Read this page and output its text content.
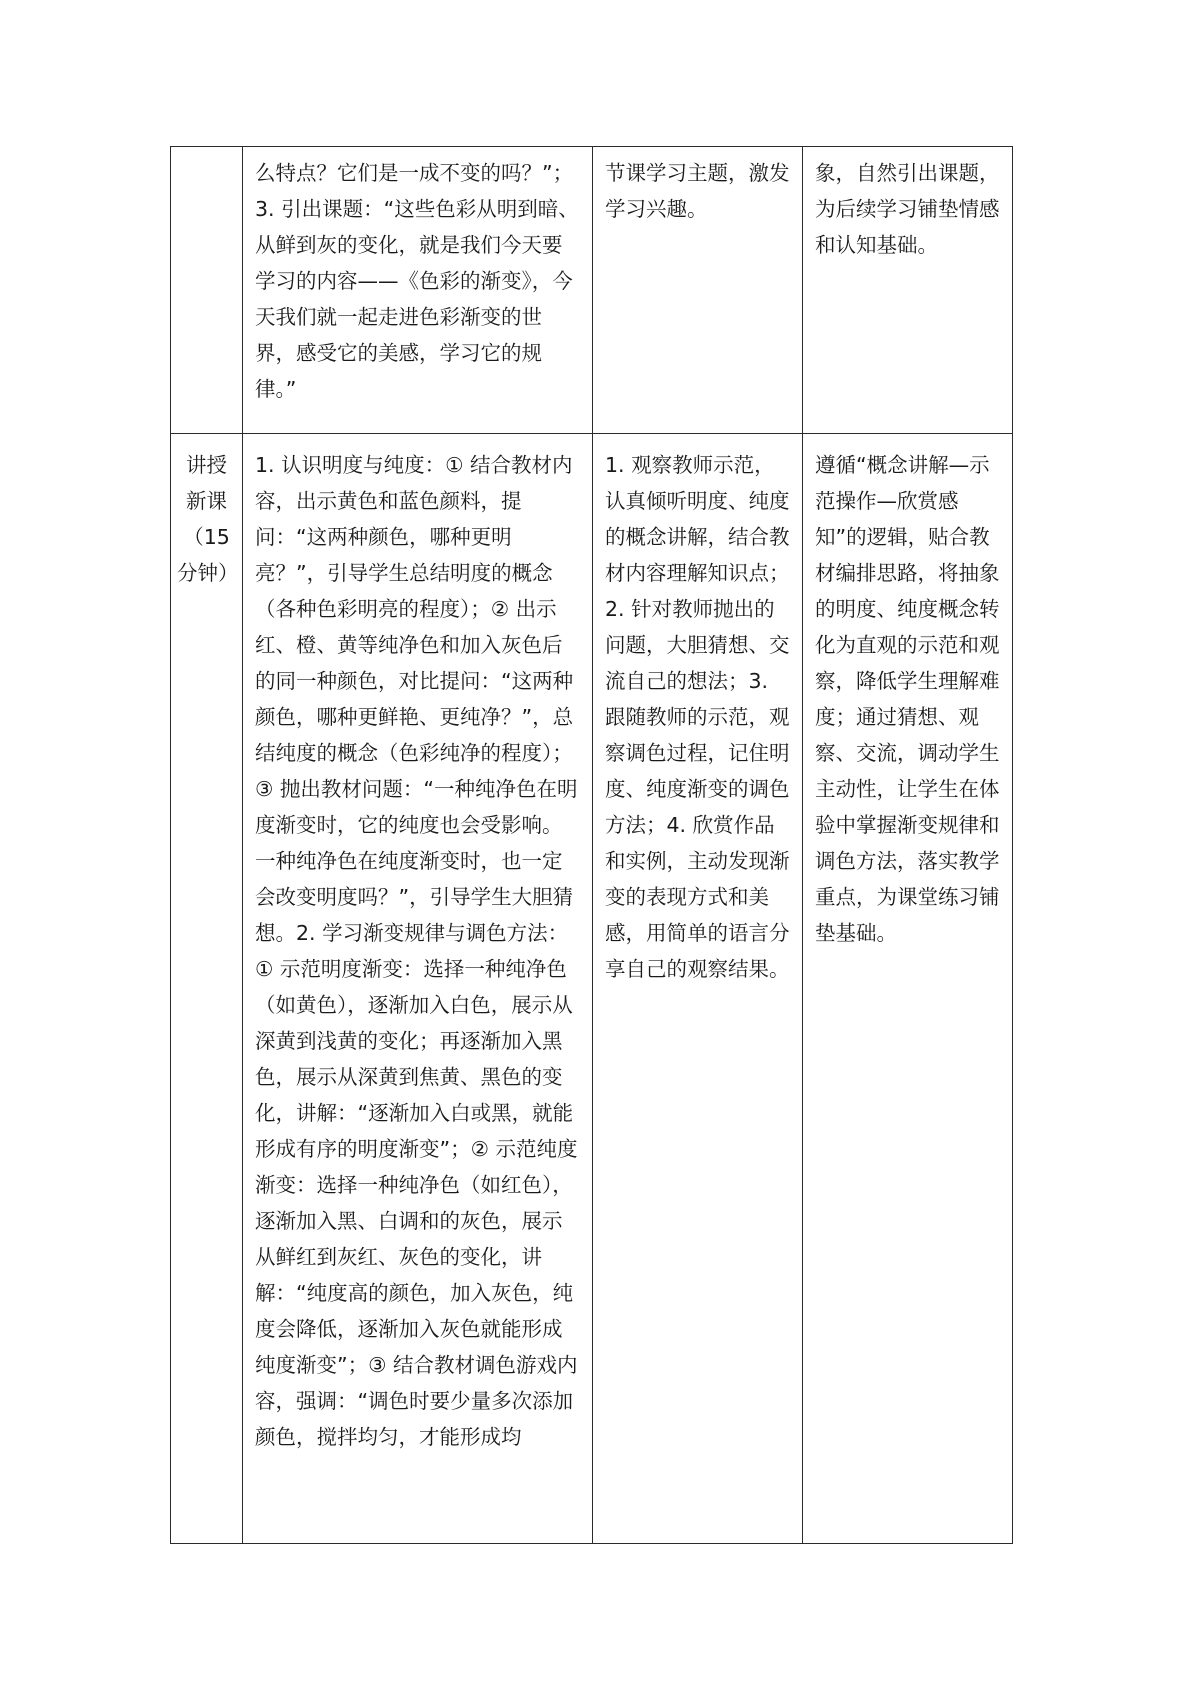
	么特点？它们是一成不变的吗？”；3. 引出课题：“这些色彩从明到暗、从鲜到灰的变化，就是我们今天要学习的内容——《色彩的渐变》，今天我们就一起走进色彩渐变的世界，感受它的美感，学习它的规律。”	节课学习主题，激发学习兴趣。	象，自然引出课题，为后续学习铺垫情感和认知基础。

讲授新课（15分钟）	1. 认识明度与纯度：① 结合教材内容，出示黄色和蓝色颜料，提问：“这两种颜色，哪种更明亮？”，引导学生总结明度的概念（各种色彩明亮的程度）；② 出示红、橙、黄等纯净色和加入灰色后的同一种颜色，对比提问：“这两种颜色，哪种更鲜艳、更纯净？”，总结纯度的概念（色彩纯净的程度）；③ 抛出教材问题：“一种纯净色在明度渐变时，它的纯度也会受影响。一种纯净色在纯度渐变时，也一定会改变明度吗？”，引导学生大胆猜想。2. 学习渐变规律与调色方法：① 示范明度渐变：选择一种纯净色（如黄色），逐渐加入白色，展示从深黄到浅黄的变化；再逐渐加入黑色，展示从深黄到焦黄、黑色的变化，讲解：“逐渐加入白或黑，就能形成有序的明度渐变”；② 示范纯度渐变：选择一种纯净色（如红色），逐渐加入黑、白调和的灰色，展示从鲜红到灰红、灰色的变化，讲解：“纯度高的颜色，加入灰色，纯度会降低，逐渐加入灰色就能形成纯度渐变”；③ 结合教材调色游戏内容，强调：“调色时要少量多次添加颜色，搅拌均匀，才能形成均	1. 观察教师示范，认真倾听明度、纯度的概念讲解，结合教材内容理解知识点；2. 针对教师抛出的问题，大胆猜想、交流自己的想法；3. 跟随教师的示范，观察调色过程，记住明度、纯度渐变的调色方法；4. 欣赏作品和实例，主动发现渐变的表现方式和美感，用简单的语言分享自己的观察结果。	遵循“概念讲解—示范操作—欣赏感知”的逻辑，贴合教材编排思路，将抽象的明度、纯度概念转化为直观的示范和观察，降低学生理解难度；通过猜想、观察、交流，调动学生主动性，让学生在体验中掌握渐变规律和调色方法，落实教学重点，为课堂练习铺垫基础。
